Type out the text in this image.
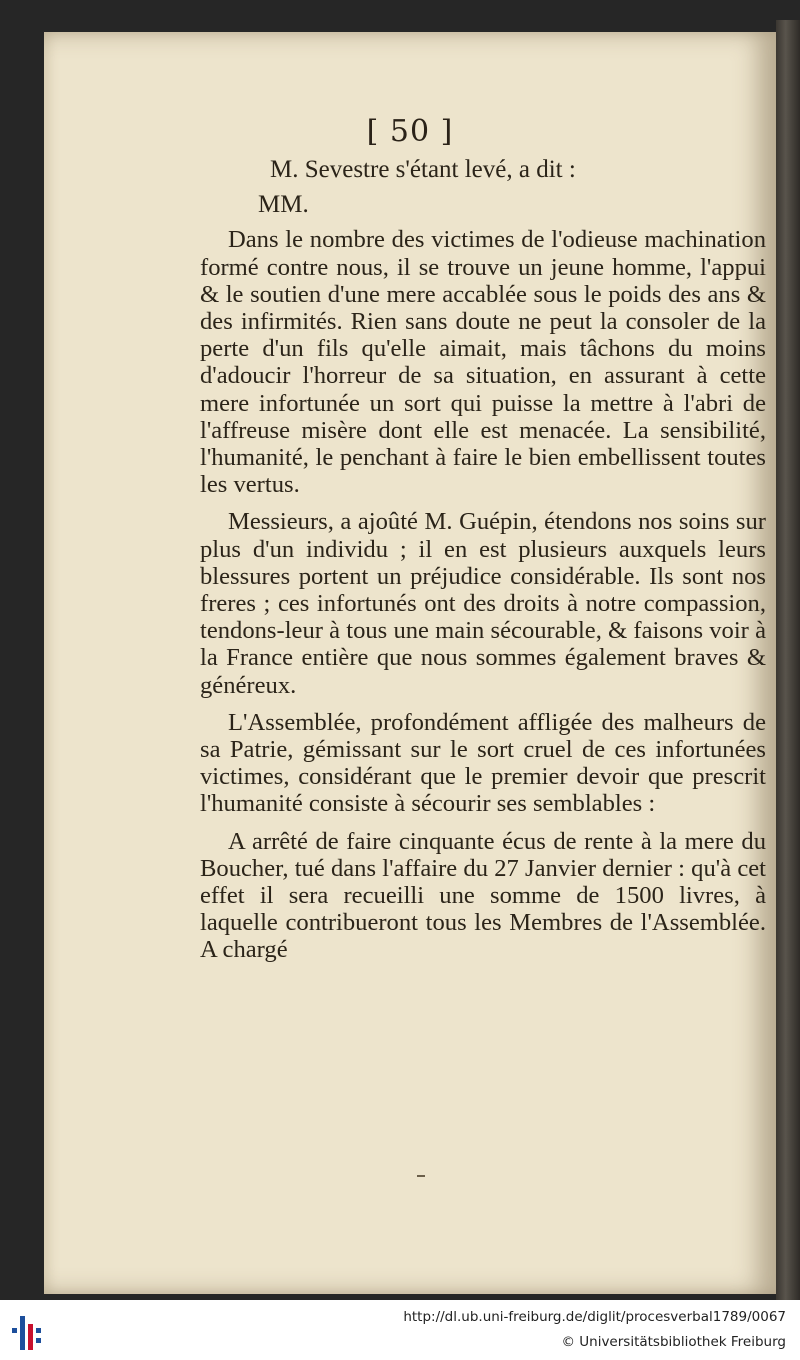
[ 50 ]

M. Sevestre s'étant levé, a dit :

MM.

Dans le nombre des victimes de l'odieuse machination formé contre nous, il se trouve un jeune homme, l'appui & le soutien d'une mere accablée sous le poids des ans & des infirmités. Rien sans doute ne peut la consoler de la perte d'un fils qu'elle aimait, mais tâchons du moins d'adoucir l'horreur de sa situation, en assurant à cette mere infortunée un sort qui puisse la mettre à l'abri de l'affreuse misère dont elle est menacée. La sensibilité, l'humanité, le penchant à faire le bien embellissent toutes les vertus.

Messieurs, a ajoûté M. Guépin, étendons nos soins sur plus d'un individu ; il en est plusieurs auxquels leurs blessures portent un préjudice considérable. Ils sont nos freres ; ces infortunés ont des droits à notre compassion, tendons-leur à tous une main sécourable, & faisons voir à la France entière que nous sommes également braves & généreux.

L'Assemblée, profondément affligée des malheurs de sa Patrie, gémissant sur le sort cruel de ces infortunées victimes, considérant que le premier devoir que prescrit l'humanité consiste à sécourir ses semblables :

A arrêté de faire cinquante écus de rente à la mere du Boucher, tué dans l'affaire du 27 Janvier dernier : qu'à cet effet il sera recueilli une somme de 1500 livres, à laquelle contribueront tous les Membres de l'Assemblée. A chargé

http://dl.ub.uni-freiburg.de/diglit/procesverbal1789/0067
© Universitätsbibliothek Freiburg
